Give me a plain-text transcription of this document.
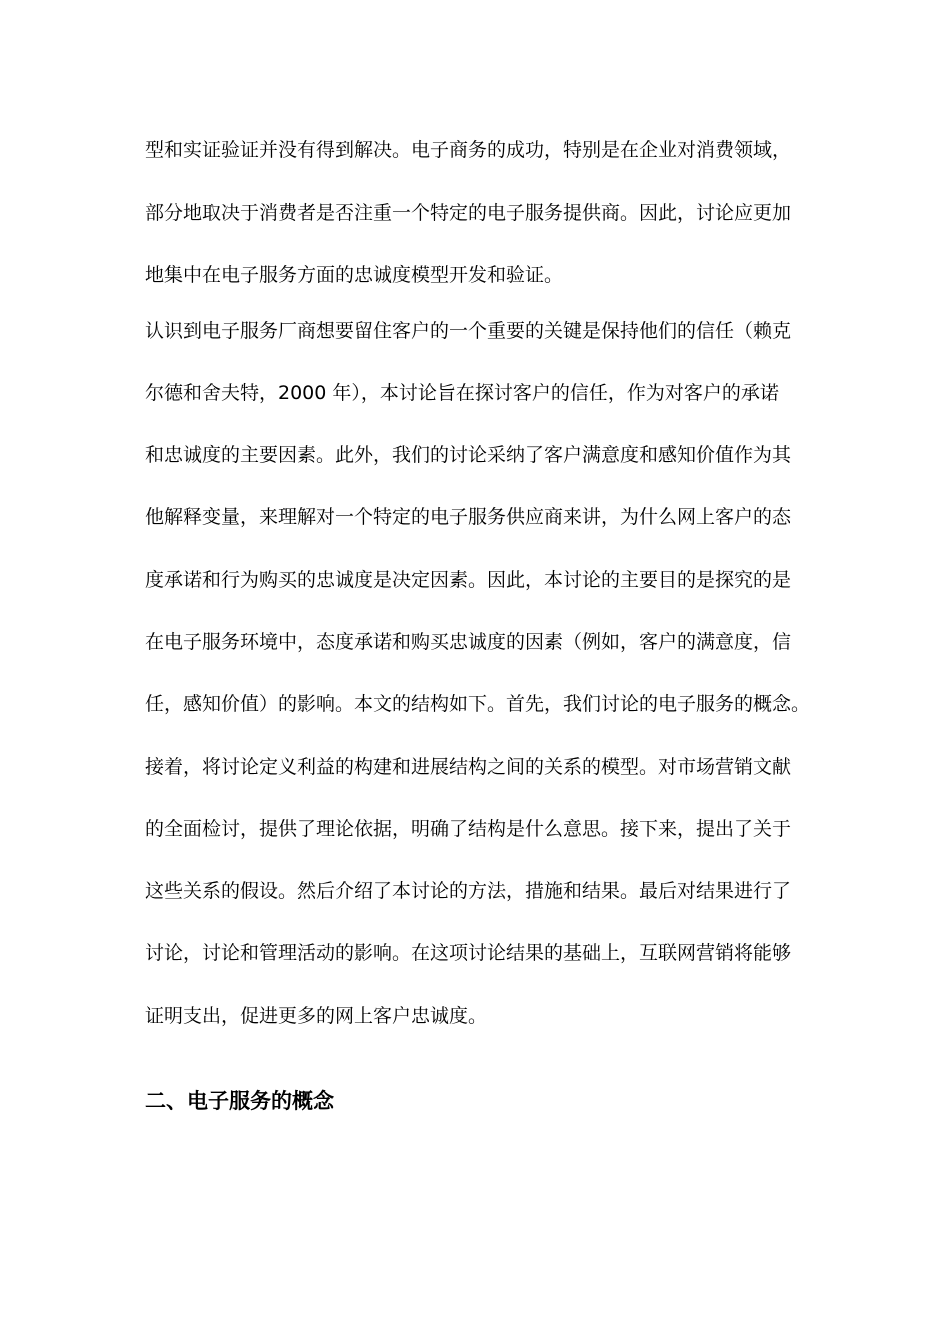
型和实证验证并没有得到解决。电子商务的成功，特别是在企业对消费领域，
部分地取决于消费者是否注重一个特定的电子服务提供商。因此，讨论应更加
地集中在电子服务方面的忠诚度模型开发和验证。
认识到电子服务厂商想要留住客户的一个重要的关键是保持他们的信任（赖克
尔德和舍夫特，2000 年），本讨论旨在探讨客户的信任，作为对客户的承诺
和忠诚度的主要因素。此外，我们的讨论采纳了客户满意度和感知价值作为其
他解释变量，来理解对一个特定的电子服务供应商来讲，为什么网上客户的态
度承诺和行为购买的忠诚度是决定因素。因此，本讨论的主要目的是探究的是
在电子服务环境中，态度承诺和购买忠诚度的因素（例如，客户的满意度，信
任，感知价值）的影响。本文的结构如下。首先，我们讨论的电子服务的概念。
接着，将讨论定义利益的构建和进展结构之间的关系的模型。对市场营销文献
的全面检讨，提供了理论依据，明确了结构是什么意思。接下来，提出了关于
这些关系的假设。然后介绍了本讨论的方法，措施和结果。最后对结果进行了
讨论，讨论和管理活动的影响。在这项讨论结果的基础上，互联网营销将能够
证明支出，促进更多的网上客户忠诚度。
二、电子服务的概念
